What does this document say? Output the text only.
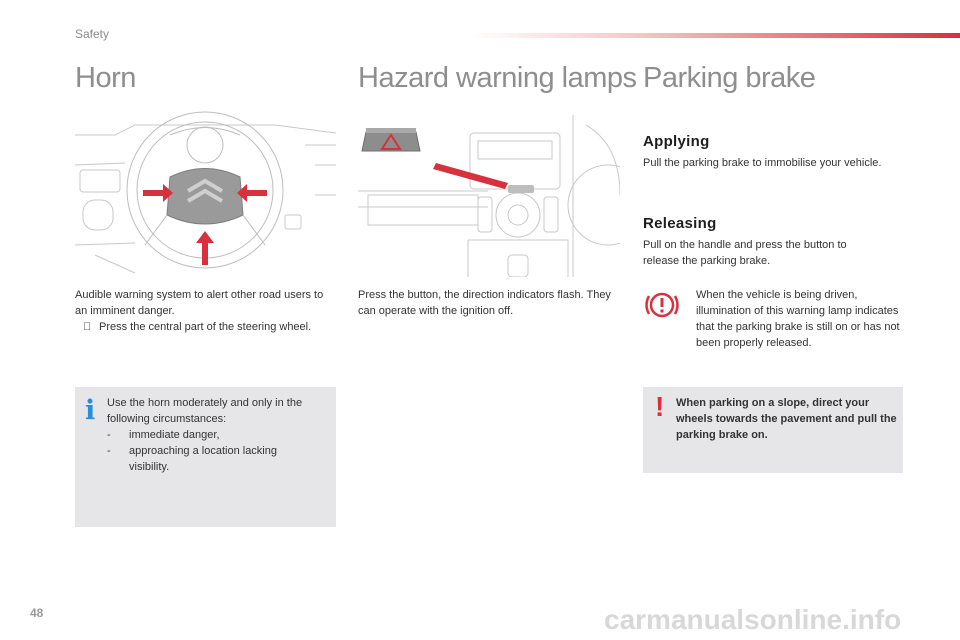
Safety
Horn	Hazard warning lamps Parking brake
Audible warning system to alert other road users to an imminent danger.
Press the central part of the steering wheel.
i	Use the horn moderately and only in the following circumstances:
- immediate danger,
- approaching a location lacking visibility.
Press the button, the direction indicators flash. They can operate with the ignition off.
Applying
Pull the parking brake to immobilise your vehicle.
Releasing
Pull on the handle and press the button to release the parking brake.
When the vehicle is being driven, illumination of this warning lamp indicates that the parking brake is still on or has not been properly released.
! When parking on a slope, direct your wheels towards the pavement and pull the parking brake on.
48	carmanualsonline.info
